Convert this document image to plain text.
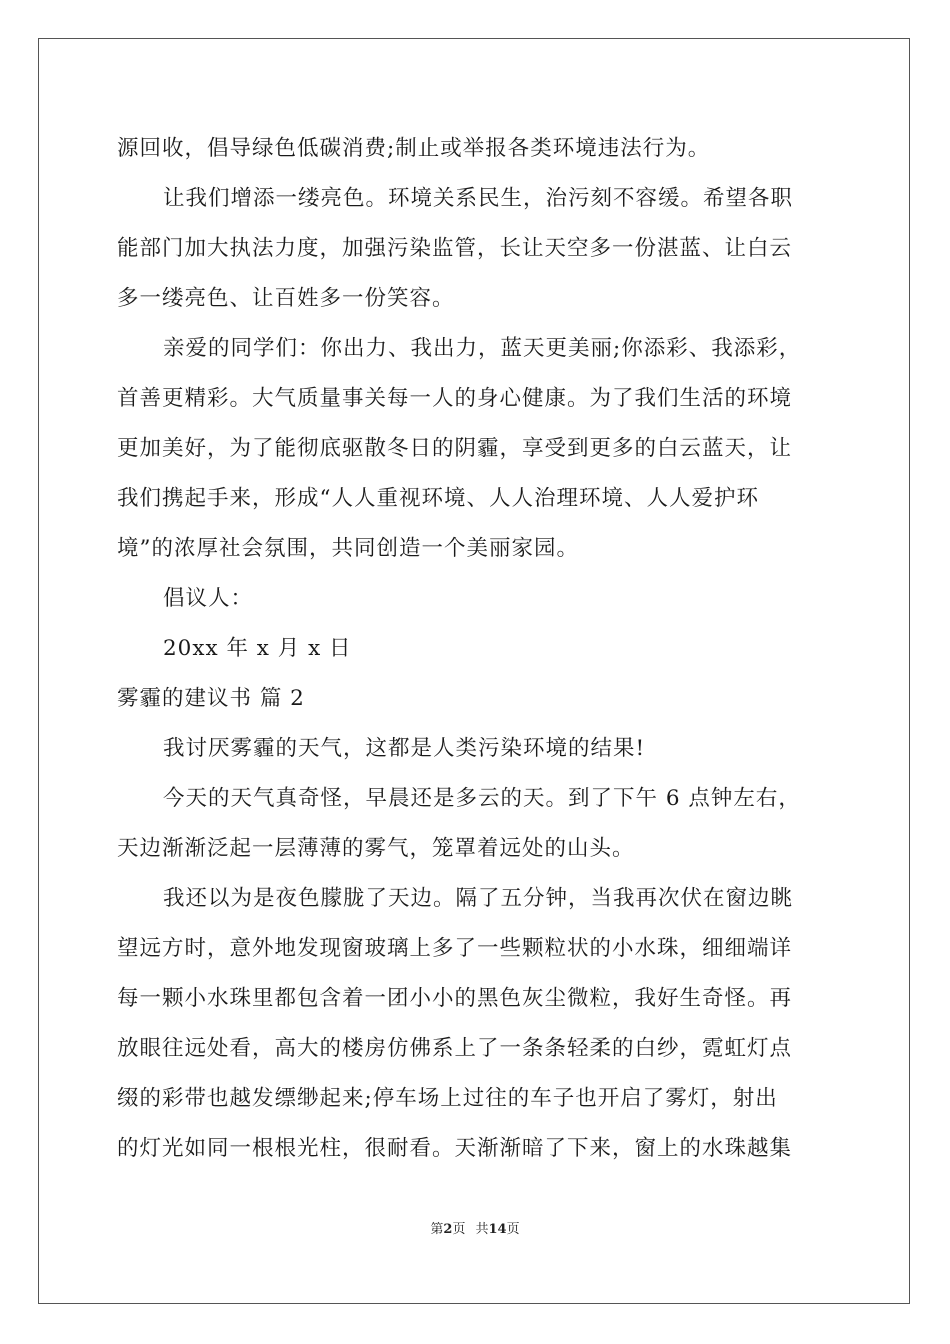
源回收，倡导绿色低碳消费;制止或举报各类环境违法行为。
让我们增添一缕亮色。环境关系民生，治污刻不容缓。希望各职
能部门加大执法力度，加强污染监管，长让天空多一份湛蓝、让白云
多一缕亮色、让百姓多一份笑容。
亲爱的同学们：你出力、我出力，蓝天更美丽;你添彩、我添彩，
首善更精彩。大气质量事关每一人的身心健康。为了我们生活的环境
更加美好，为了能彻底驱散冬日的阴霾，享受到更多的白云蓝天，让
我们携起手来，形成“人人重视环境、人人治理环境、人人爱护环
境”的浓厚社会氛围，共同创造一个美丽家园。
倡议人：
20xx 年 x 月 x 日
雾霾的建议书 篇 2
我讨厌雾霾的天气，这都是人类污染环境的结果!
今天的天气真奇怪，早晨还是多云的天。到了下午 6 点钟左右，
天边渐渐泛起一层薄薄的雾气，笼罩着远处的山头。
我还以为是夜色朦胧了天边。隔了五分钟，当我再次伏在窗边眺
望远方时，意外地发现窗玻璃上多了一些颗粒状的小水珠，细细端详
每一颗小水珠里都包含着一团小小的黑色灰尘微粒，我好生奇怪。再
放眼往远处看，高大的楼房仿佛系上了一条条轻柔的白纱，霓虹灯点
缀的彩带也越发缥缈起来;停车场上过往的车子也开启了雾灯，射出
的灯光如同一根根光柱，很耐看。天渐渐暗了下来，窗上的水珠越集
第2页 共14页
